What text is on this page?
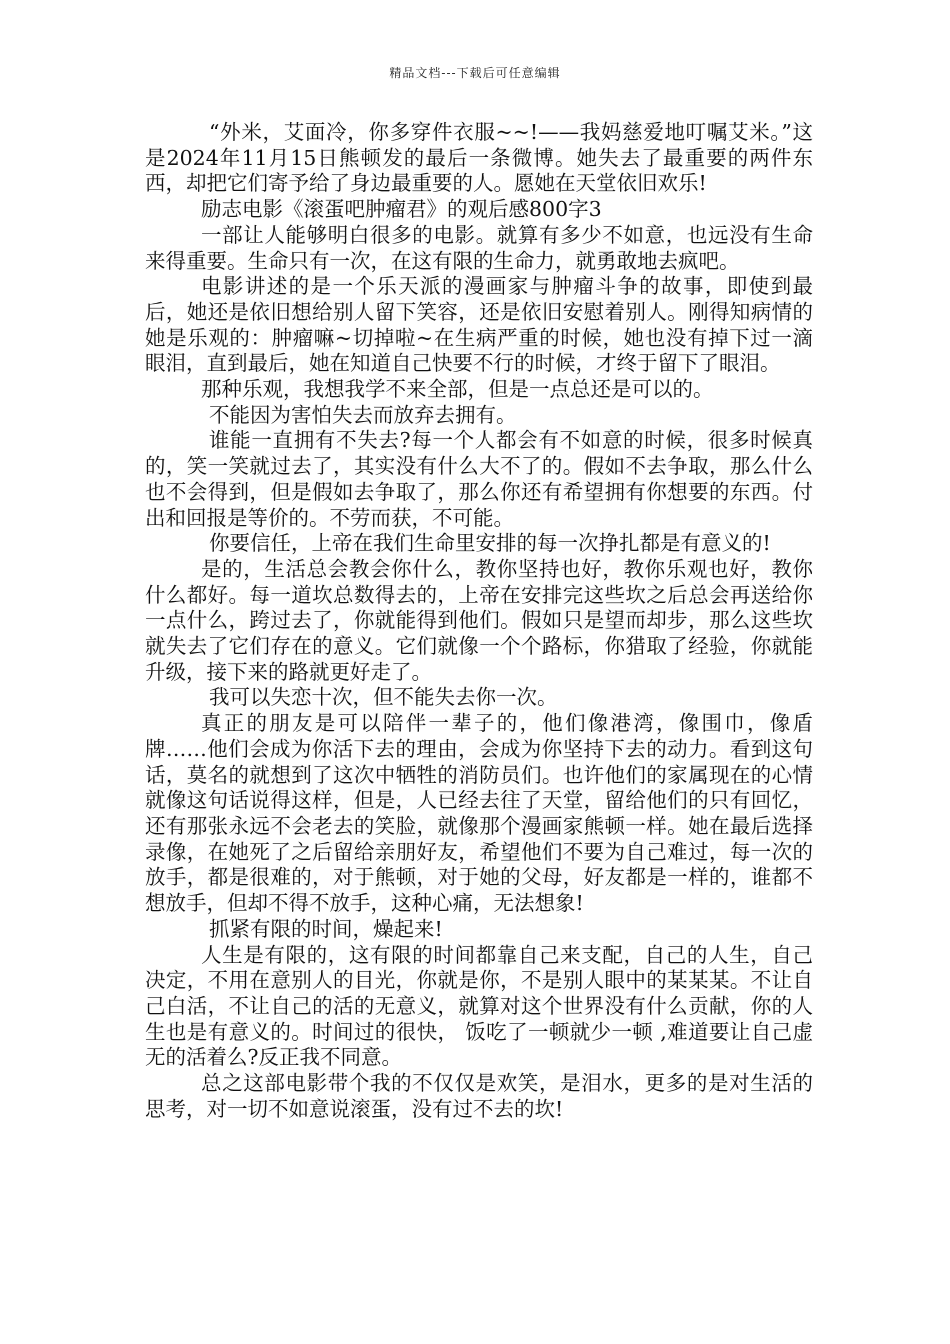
精品文档---下载后可任意编辑

“外米，艾面冷，你多穿件衣服~~!——我妈慈爱地叮嘱艾米。”这是2024年11月15日熊顿发的最后一条微博。她失去了最重要的两件东西，却把它们寄予给了身边最重要的人。愿她在天堂依旧欢乐!

励志电影《滚蛋吧肿瘤君》的观后感800字3

一部让人能够明白很多的电影。就算有多少不如意，也远没有生命来得重要。生命只有一次，在这有限的生命力，就勇敢地去疯吧。

电影讲述的是一个乐天派的漫画家与肿瘤斗争的故事，即使到最后，她还是依旧想给别人留下笑容，还是依旧安慰着别人。刚得知病情的她是乐观的：肿瘤嘛~切掉啦~在生病严重的时候，她也没有掉下过一滴眼泪，直到最后，她在知道自己快要不行的时候，才终于留下了眼泪。

那种乐观，我想我学不来全部，但是一点总还是可以的。

不能因为害怕失去而放弃去拥有。

谁能一直拥有不失去?每一个人都会有不如意的时候，很多时候真的，笑一笑就过去了，其实没有什么大不了的。假如不去争取，那么什么也不会得到，但是假如去争取了，那么你还有希望拥有你想要的东西。付出和回报是等价的。不劳而获，不可能。

你要信任，上帝在我们生命里安排的每一次挣扎都是有意义的!

是的，生活总会教会你什么，教你坚持也好，教你乐观也好，教你什么都好。每一道坎总数得去的，上帝在安排完这些坎之后总会再送给你一点什么，跨过去了，你就能得到他们。假如只是望而却步，那么这些坎就失去了它们存在的意义。它们就像一个个路标，你猎取了经验，你就能升级，接下来的路就更好走了。

我可以失恋十次，但不能失去你一次。

真正的朋友是可以陪伴一辈子的，他们像港湾，像围巾，像盾牌……他们会成为你活下去的理由，会成为你坚持下去的动力。看到这句话，莫名的就想到了这次中牺牲的消防员们。也许他们的家属现在的心情就像这句话说得这样，但是，人已经去往了天堂，留给他们的只有回忆，还有那张永远不会老去的笑脸，就像那个漫画家熊顿一样。她在最后选择录像，在她死了之后留给亲朋好友，希望他们不要为自己难过，每一次的放手，都是很难的，对于熊顿，对于她的父母，好友都是一样的，谁都不想放手，但却不得不放手，这种心痛，无法想象!

抓紧有限的时间，燥起来!

人生是有限的，这有限的时间都靠自己来支配，自己的人生，自己决定，不用在意别人的目光，你就是你，不是别人眼中的某某某。不让自己白活，不让自己的活的无意义，就算对这个世界没有什么贡献，你的人生也是有意义的。时间过的很快， 饭吃了一顿就少一顿 ,难道要让自己虚无的活着么?反正我不同意。

总之这部电影带个我的不仅仅是欢笑，是泪水，更多的是对生活的思考，对一切不如意说滚蛋，没有过不去的坎!
